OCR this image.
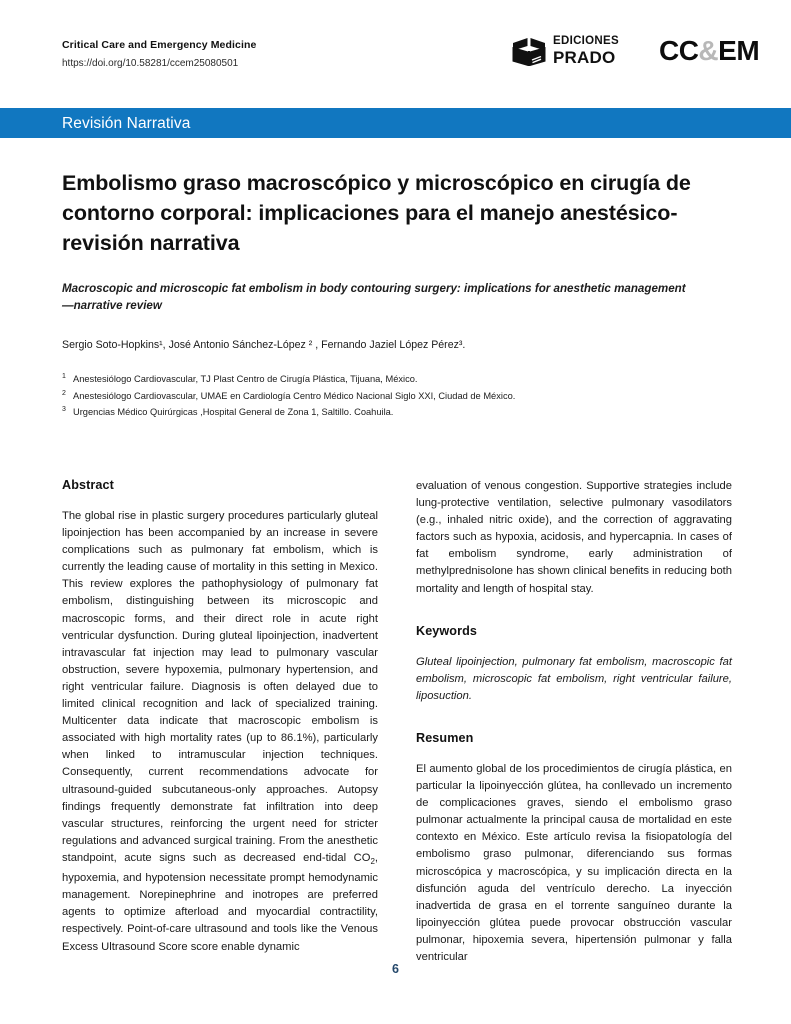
Critical Care and Emergency Medicine
https://doi.org/10.58281/ccem25080501
EDICIONES
PRADO CC&EM
Revisión Narrativa
Embolismo graso macroscópico y microscópico en cirugía de contorno corporal: implicaciones para el manejo anestésico-revisión narrativa
Macroscopic and microscopic fat embolism in body contouring surgery: implications for anesthetic management—narrative review
Sergio Soto-Hopkins¹, José Antonio Sánchez-López ² , Fernando Jaziel López Pérez³.
1 Anestesiólogo Cardiovascular, TJ Plast Centro de Cirugía Plástica, Tijuana, México.
2 Anestesiólogo Cardiovascular, UMAE en Cardiología Centro Médico Nacional Siglo XXI, Ciudad de México.
3 Urgencias Médico Quirúrgicas ,Hospital General de Zona 1, Saltillo. Coahuila.
Abstract

The global rise in plastic surgery procedures particularly gluteal lipoinjection has been accompanied by an increase in severe complications such as pulmonary fat embolism, which is currently the leading cause of mortality in this setting in Mexico. This review explores the pathophysiology of pulmonary fat embolism, distinguishing between its microscopic and macroscopic forms, and their direct role in acute right ventricular dysfunction. During gluteal lipoinjection, inadvertent intravascular fat injection may lead to pulmonary vascular obstruction, severe hypoxemia, pulmonary hypertension, and right ventricular failure. Diagnosis is often delayed due to limited clinical recognition and lack of specialized training. Multicenter data indicate that macroscopic embolism is associated with high mortality rates (up to 86.1%), particularly when linked to intramuscular injection techniques. Consequently, current recommendations advocate for ultrasound-guided subcutaneous-only approaches. Autopsy findings frequently demonstrate fat infiltration into deep vascular structures, reinforcing the urgent need for stricter regulations and advanced surgical training. From the anesthetic standpoint, acute signs such as decreased end-tidal $CO_2$, hypoxemia, and hypotension necessitate prompt hemodynamic management. Norepinephrine and inotropes are preferred agents to optimize afterload and myocardial contractility, respectively. Point-of-care ultrasound and tools like the Venous Excess Ultrasound Score score enable dynamic

evaluation of venous congestion. Supportive strategies include lung-protective ventilation, selective pulmonary vasodilators (e.g., inhaled nitric oxide), and the correction of aggravating factors such as hypoxia, acidosis, and hypercapnia. In cases of fat embolism syndrome, early administration of methylprednisolone has shown clinical benefits in reducing both mortality and length of hospital stay.

Keywords

Gluteal lipoinjection, pulmonary fat embolism, macroscopic fat embolism, microscopic fat embolism, right ventricular failure, liposuction.

Resumen

El aumento global de los procedimientos de cirugía plástica, en particular la lipoinyección glútea, ha conllevado un incremento de complicaciones graves, siendo el embolismo graso pulmonar actualmente la principal causa de mortalidad en este contexto en México. Este artículo revisa la fisiopatología del embolismo graso pulmonar, diferenciando sus formas microscópica y macroscópica, y su implicación directa en la disfunción aguda del ventrículo derecho. La inyección inadvertida de grasa en el torrente sanguíneo durante la lipoinyección glútea puede provocar obstrucción vascular pulmonar, hipoxemia severa, hipertensión pulmonar y falla ventricular

6
